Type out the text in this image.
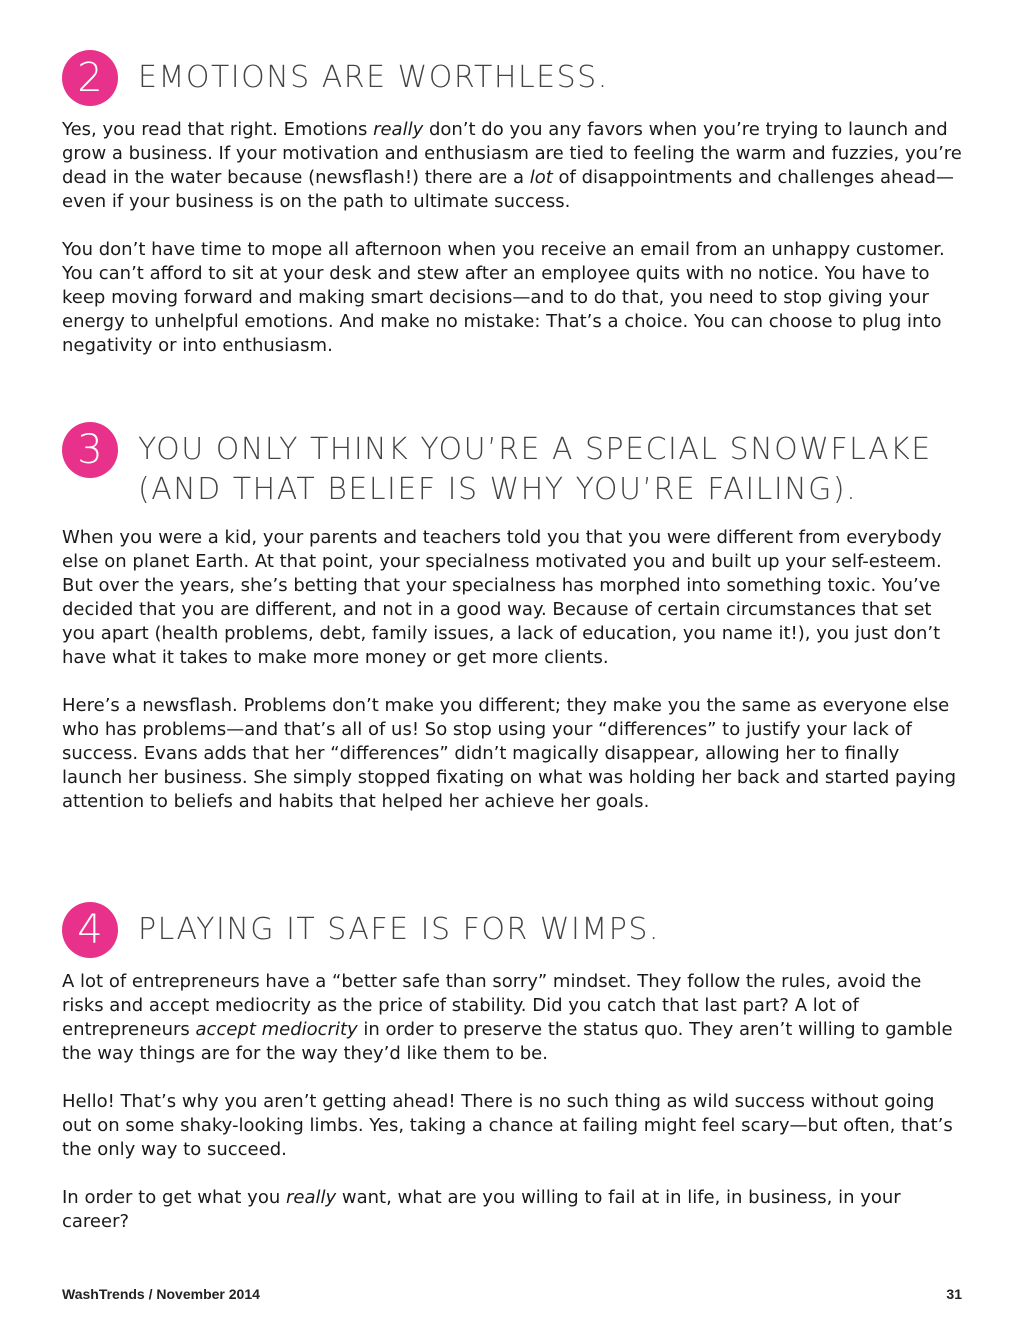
2	EMOTIONS ARE WORTHLESS.

Yes, you read that right. Emotions really don’t do you any favors when you’re trying to launch and grow a business. If your motivation and enthusiasm are tied to feeling the warm and fuzzies, you’re dead in the water because (newsflash!) there are a lot of disappointments and challenges ahead—even if your business is on the path to ultimate success.

You don’t have time to mope all afternoon when you receive an email from an unhappy customer. You can’t afford to sit at your desk and stew after an employee quits with no notice. You have to keep moving forward and making smart decisions—and to do that, you need to stop giving your energy to unhelpful emotions. And make no mistake: That’s a choice. You can choose to plug into negativity or into enthusiasm.

3	YOU ONLY THINK YOU’RE A SPECIAL SNOWFLAKE (AND THAT BELIEF IS WHY YOU’RE FAILING).

When you were a kid, your parents and teachers told you that you were different from everybody else on planet Earth. At that point, your specialness motivated you and built up your self-esteem. But over the years, she’s betting that your specialness has morphed into something toxic. You’ve decided that you are different, and not in a good way. Because of certain circumstances that set you apart (health problems, debt, family issues, a lack of education, you name it!), you just don’t have what it takes to make more money or get more clients.

Here’s a newsflash. Problems don’t make you different; they make you the same as everyone else who has problems—and that’s all of us! So stop using your “differences” to justify your lack of success. Evans adds that her “differences” didn’t magically disappear, allowing her to finally launch her business. She simply stopped fixating on what was holding her back and started paying attention to beliefs and habits that helped her achieve her goals.

4	PLAYING IT SAFE IS FOR WIMPS.

A lot of entrepreneurs have a “better safe than sorry” mindset. They follow the rules, avoid the risks and accept mediocrity as the price of stability. Did you catch that last part? A lot of entrepreneurs accept mediocrity in order to preserve the status quo. They aren’t willing to gamble the way things are for the way they’d like them to be.

Hello! That’s why you aren’t getting ahead! There is no such thing as wild success without going out on some shaky-looking limbs. Yes, taking a chance at failing might feel scary—but often, that’s the only way to succeed.

In order to get what you really want, what are you willing to fail at in life, in business, in your career?

WashTrends / November 2014	31
